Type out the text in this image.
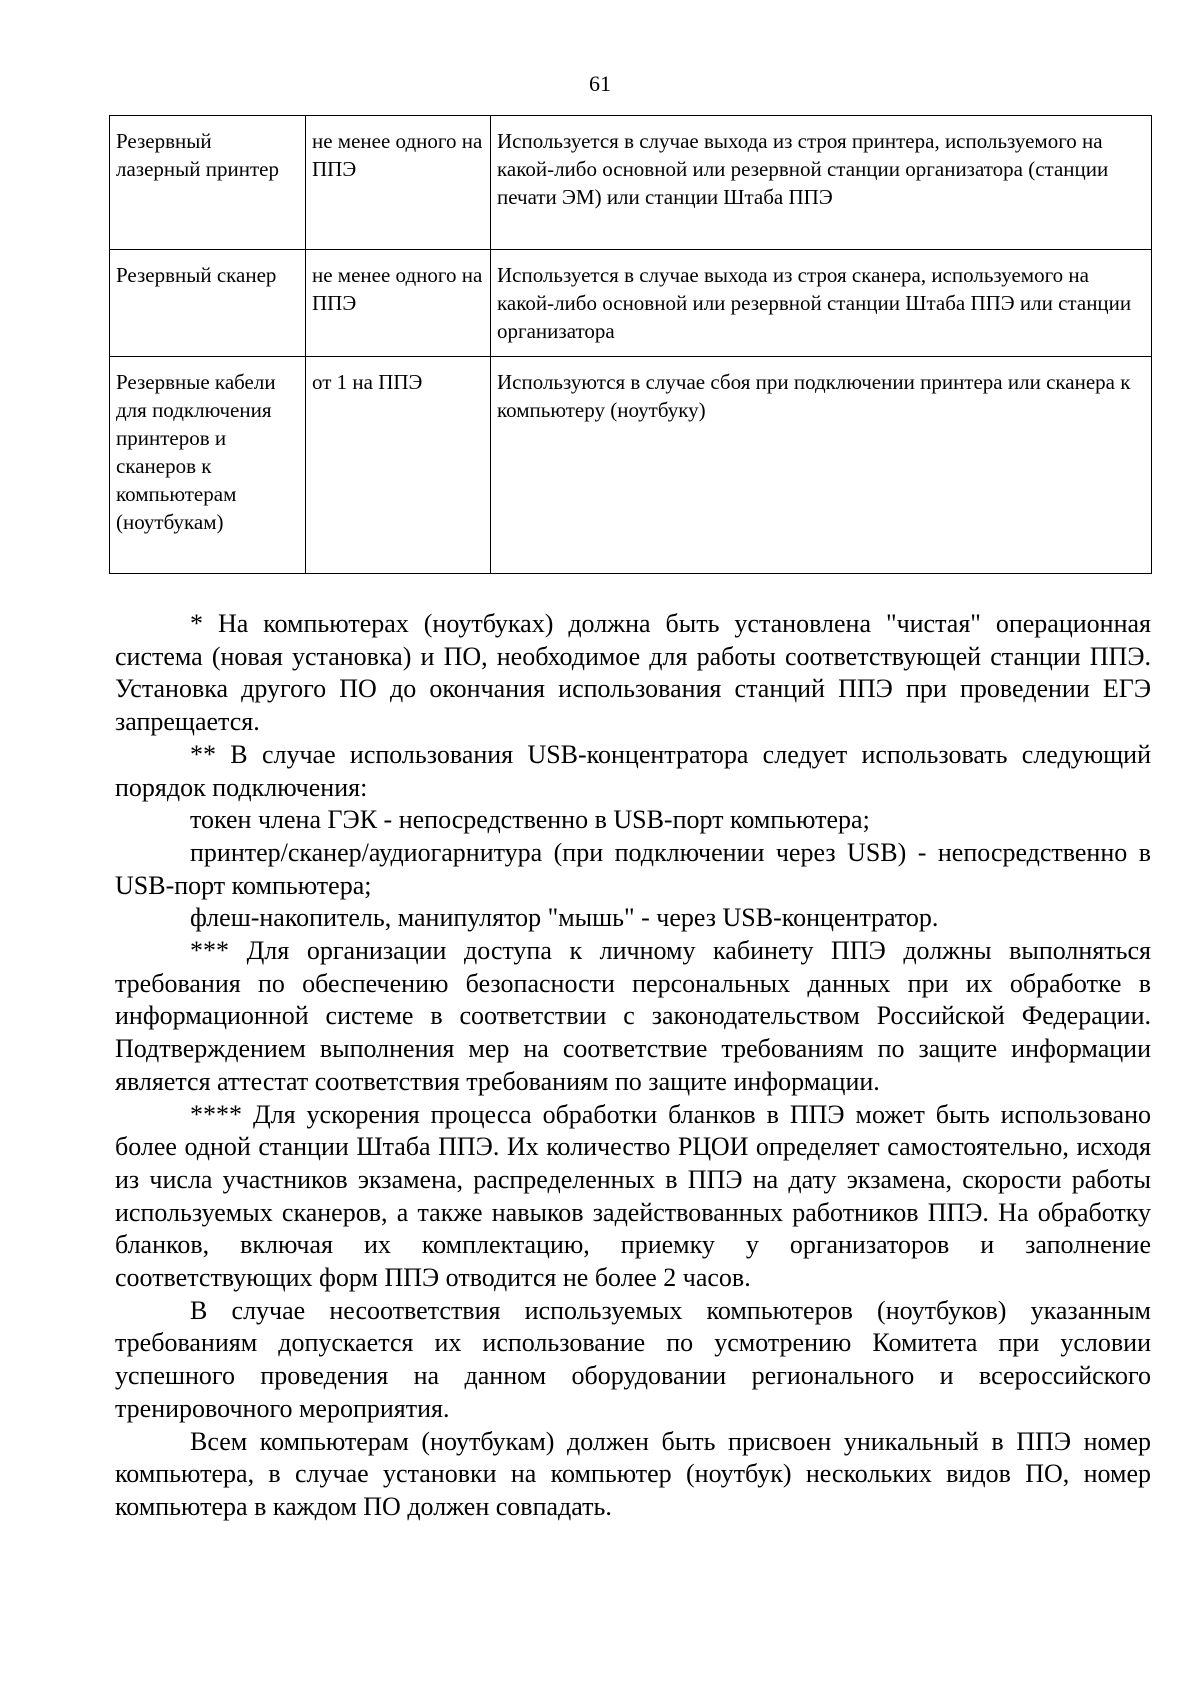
61
Резервный лазерный принтер	не менее одного на ППЭ	Используется в случае выхода из строя принтера, используемого на какой-либо основной или резервной станции организатора (станции печати ЭМ) или станции Штаба ППЭ
Резервный сканер	не менее одного на ППЭ	Используется в случае выхода из строя сканера, используемого на какой-либо основной или резервной станции Штаба ППЭ или станции организатора
Резервные кабели для подключения принтеров и сканеров к компьютерам (ноутбукам)	от 1 на ППЭ	Используются в случае сбоя при подключении принтера или сканера к компьютеру (ноутбуку)

* На компьютерах (ноутбуках) должна быть установлена "чистая" операционная система (новая установка) и ПО, необходимое для работы соответствующей станции ППЭ. Установка другого ПО до окончания использования станций ППЭ при проведении ЕГЭ запрещается.

** В случае использования USB-концентратора следует использовать следующий порядок подключения:

токен члена ГЭК - непосредственно в USB-порт компьютера;

принтер/сканер/аудиогарнитура (при подключении через USB) - непосредственно в USB-порт компьютера;

флеш-накопитель, манипулятор "мышь" - через USB-концентратор.

*** Для организации доступа к личному кабинету ППЭ должны выполняться требования по обеспечению безопасности персональных данных при их обработке в информационной системе в соответствии с законодательством Российской Федерации. Подтверждением выполнения мер на соответствие требованиям по защите информации является аттестат соответствия требованиям по защите информации.

**** Для ускорения процесса обработки бланков в ППЭ может быть использовано более одной станции Штаба ППЭ. Их количество РЦОИ определяет самостоятельно, исходя из числа участников экзамена, распределенных в ППЭ на дату экзамена, скорости работы используемых сканеров, а также навыков задействованных работников ППЭ. На обработку бланков, включая их комплектацию, приемку у организаторов и заполнение соответствующих форм ППЭ отводится не более 2 часов.

В случае несоответствия используемых компьютеров (ноутбуков) указанным требованиям допускается их использование по усмотрению Комитета при условии успешного проведения на данном оборудовании регионального и всероссийского тренировочного мероприятия.

Всем компьютерам (ноутбукам) должен быть присвоен уникальный в ППЭ номер компьютера, в случае установки на компьютер (ноутбук) нескольких видов ПО, номер компьютера в каждом ПО должен совпадать.
